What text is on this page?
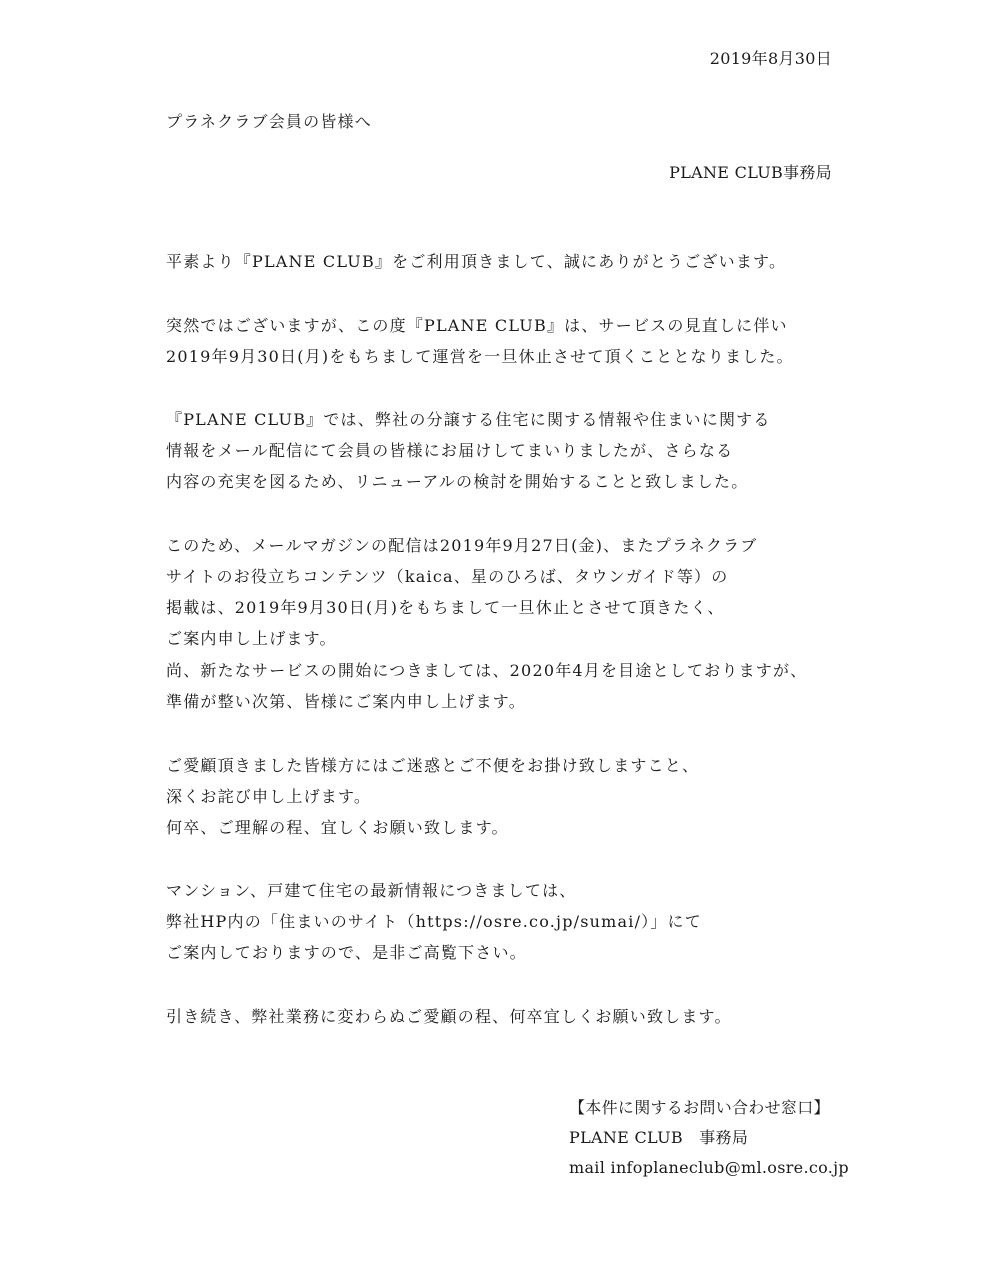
2019年8月30日

プラネクラブ会員の皆様へ

PLANE CLUB事務局

平素より『PLANE CLUB』をご利用頂きまして、誠にありがとうございます。

突然ではございますが、この度『PLANE CLUB』は、サービスの見直しに伴い

2019年9月30日(月)をもちまして運営を一旦休止させて頂くこととなりました。

『PLANE CLUB』では、弊社の分譲する住宅に関する情報や住まいに関する

情報をメール配信にて会員の皆様にお届けしてまいりましたが、さらなる

内容の充実を図るため、リニューアルの検討を開始することと致しました。

このため、メールマガジンの配信は2019年9月27日(金)、またプラネクラブ

サイトのお役立ちコンテンツ（kaica、星のひろば、タウンガイド等）の

掲載は、2019年9月30日(月)をもちまして一旦休止とさせて頂きたく、

ご案内申し上げます。

尚、新たなサービスの開始につきましては、2020年4月を目途としておりますが、

準備が整い次第、皆様にご案内申し上げます。

ご愛顧頂きました皆様方にはご迷惑とご不便をお掛け致しますこと、

深くお詫び申し上げます。

何卒、ご理解の程、宜しくお願い致します。

マンション、戸建て住宅の最新情報につきましては、

弊社HP内の「住まいのサイト（https://osre.co.jp/sumai/）」にて

ご案内しておりますので、是非ご高覧下さい。

引き続き、弊社業務に変わらぬご愛顧の程、何卒宜しくお願い致します。

【本件に関するお問い合わせ窓口】

PLANE CLUB　事務局

mail infoplaneclub@ml.osre.co.jp
